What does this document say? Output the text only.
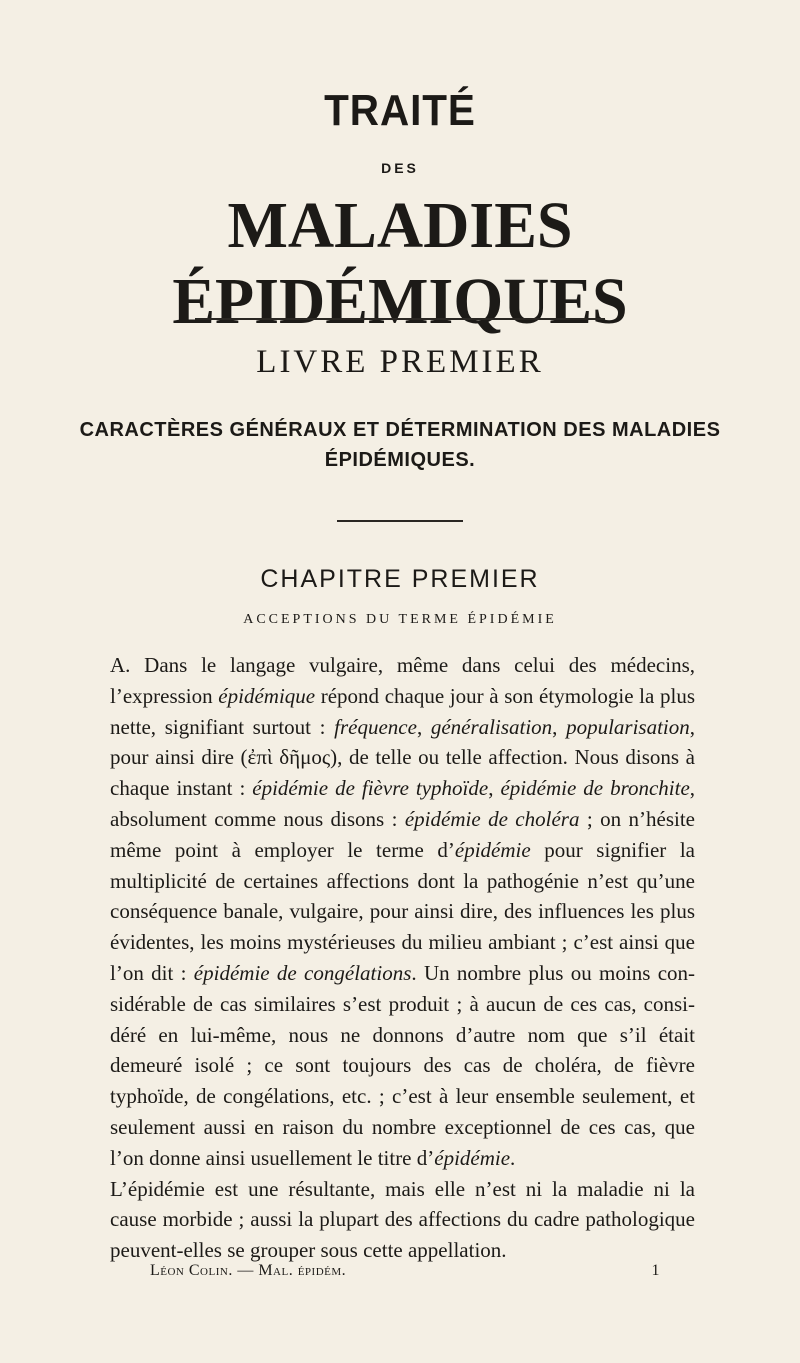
TRAITÉ
DES
MALADIES ÉPIDÉMIQUES
LIVRE PREMIER
CARACTÈRES GÉNÉRAUX ET DÉTERMINATION DES MALADIES
ÉPIDÉMIQUES.
CHAPITRE PREMIER
ACCEPTIONS DU TERME ÉPIDÉMIE

A. Dans le langage vulgaire, même dans celui des médecins, l’expression épidémique répond chaque jour à son étymologie la plus nette, signifiant surtout : fréquence, généralisation, popularisation, pour ainsi dire (ἐπὶ δῆμος), de telle ou telle affection. Nous disons à chaque instant : épidémie de fièvre typhoïde, épidémie de bronchite, absolument comme nous disons : épidémie de choléra ; on n’hésite même point à employer le terme d’épidémie pour signifier la multiplicité de certaines affections dont la pathogénie n’est qu’une conséquence banale, vulgaire, pour ainsi dire, des influences les plus évidentes, les moins mystérieuses du milieu ambiant ; c’est ainsi que l’on dit : épidémie de congélations. Un nombre plus ou moins considérable de cas similaires s’est produit ; à aucun de ces cas, considéré en lui-même, nous ne donnons d’autre nom que s’il était demeuré isolé ; ce sont toujours des cas de choléra, de fièvre typhoïde, de congélations, etc. ; c’est à leur ensemble seulement, et seulement aussi en raison du nombre exceptionnel de ces cas, que l’on donne ainsi usuellement le titre d’épidémie.

L’épidémie est une résultante, mais elle n’est ni la maladie ni la cause morbide ; aussi la plupart des affections du cadre pathologique peuvent-elles se grouper sous cette appellation.

Léon Colin. — Mal. épidém.	1
